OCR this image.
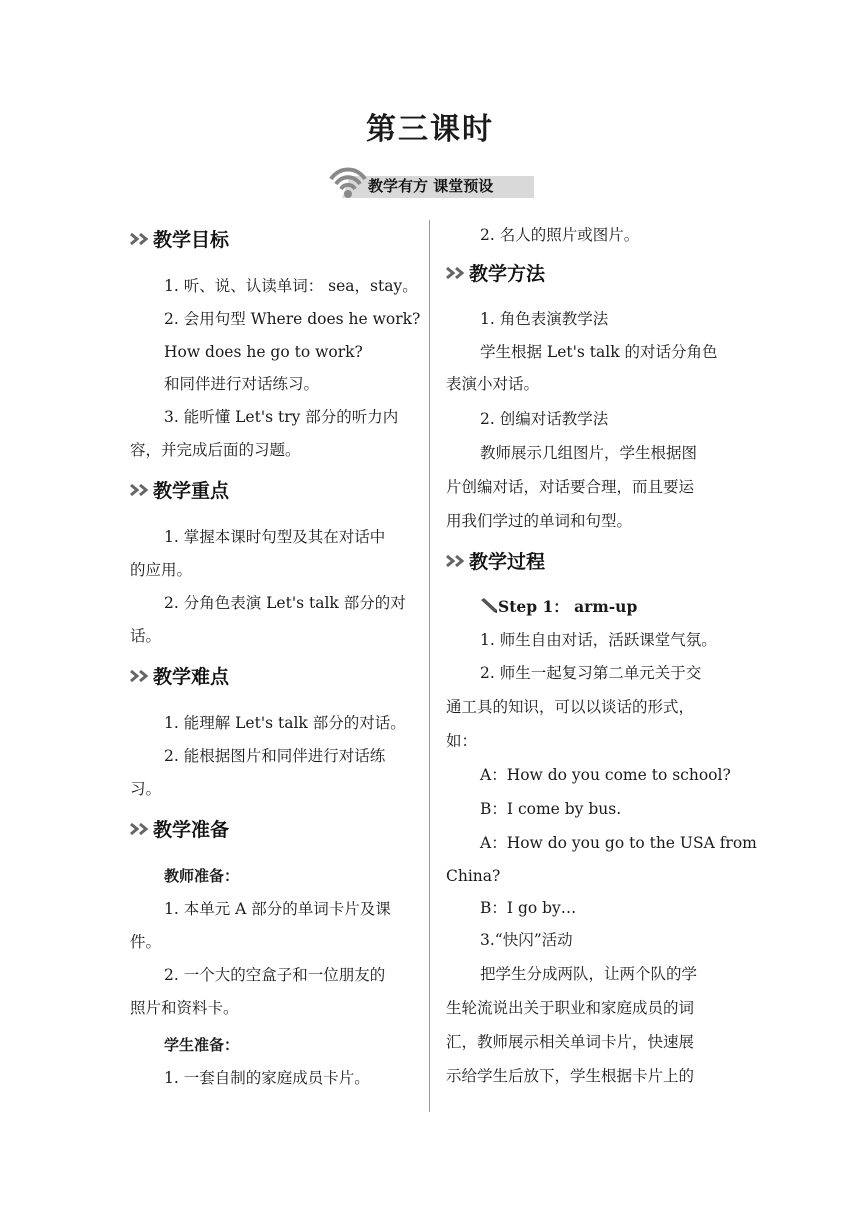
第三课时
教学有方 课堂预设
教学目标
1. 听、说、认读单词： sea，stay。
2. 会用句型 Where does he work?
How does he go to work?
和同伴进行对话练习。
3. 能听懂 Let's try 部分的听力内
容，并完成后面的习题。
教学重点
1. 掌握本课时句型及其在对话中
的应用。
2. 分角色表演 Let's talk 部分的对
话。
教学难点
1. 能理解 Let's talk 部分的对话。
2. 能根据图片和同伴进行对话练
习。
教学准备
教师准备：
1. 本单元 A 部分的单词卡片及课
件。
2. 一个大的空盒子和一位朋友的
照片和资料卡。
学生准备：
1. 一套自制的家庭成员卡片。
2. 名人的照片或图片。
教学方法
1. 角色表演教学法
学生根据 Let's talk 的对话分角色
表演小对话。
2. 创编对话教学法
教师展示几组图片，学生根据图
片创编对话，对话要合理，而且要运
用我们学过的单词和句型。
教学过程
Step 1： arm-up
1. 师生自由对话，活跃课堂气氛。
2. 师生一起复习第二单元关于交
通工具的知识，可以以谈话的形式，
如：
A：How do you come to school?
B：I come by bus.
A：How do you go to the USA from
China?
B：I go by…
3.“快闪”活动
把学生分成两队，让两个队的学
生轮流说出关于职业和家庭成员的词
汇，教师展示相关单词卡片，快速展
示给学生后放下，学生根据卡片上的
